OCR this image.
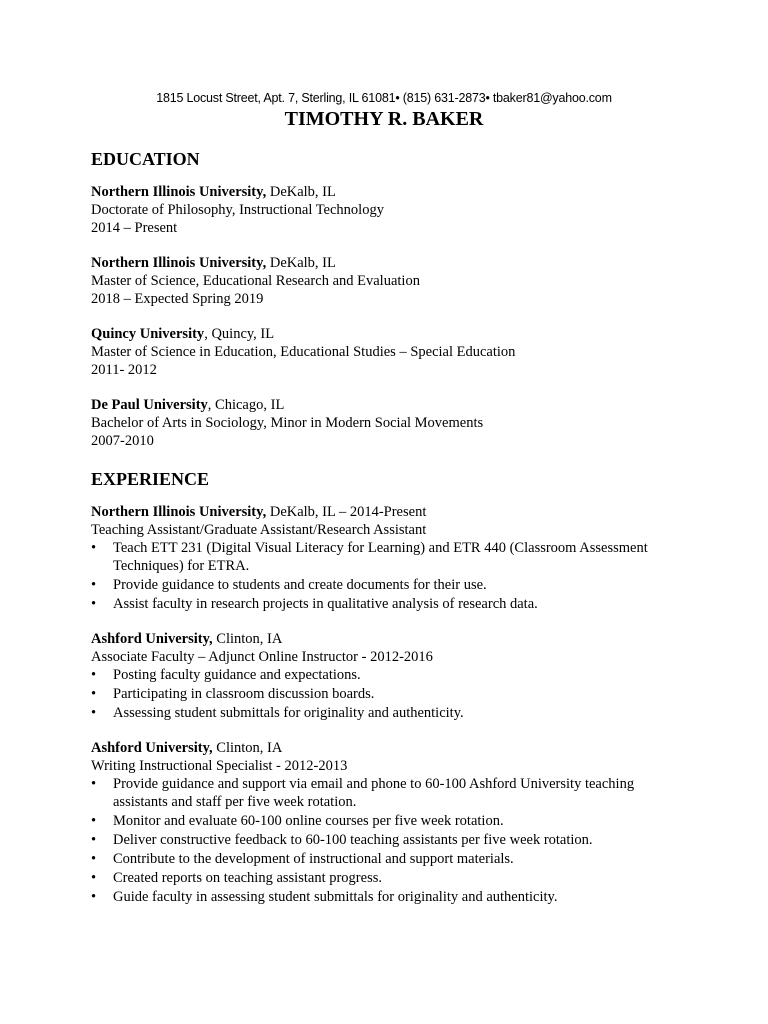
1815 Locust Street, Apt. 7, Sterling, IL 61081• (815) 631-2873• tbaker81@yahoo.com
TIMOTHY R. BAKER
EDUCATION
Northern Illinois University, DeKalb, IL
Doctorate of Philosophy, Instructional Technology
2014 – Present
Northern Illinois University, DeKalb, IL
Master of Science, Educational Research and Evaluation
2018 – Expected Spring 2019
Quincy University, Quincy, IL
Master of Science in Education, Educational Studies – Special Education
2011- 2012
De Paul University, Chicago, IL
Bachelor of Arts in Sociology, Minor in Modern Social Movements
2007-2010
EXPERIENCE
Northern Illinois University, DeKalb, IL – 2014-Present
Teaching Assistant/Graduate Assistant/Research Assistant
• Teach ETT 231 (Digital Visual Literacy for Learning) and ETR 440 (Classroom Assessment Techniques) for ETRA.
• Provide guidance to students and create documents for their use.
• Assist faculty in research projects in qualitative analysis of research data.
Ashford University, Clinton, IA
Associate Faculty – Adjunct Online Instructor - 2012-2016
• Posting faculty guidance and expectations.
• Participating in classroom discussion boards.
• Assessing student submittals for originality and authenticity.
Ashford University, Clinton, IA
Writing Instructional Specialist - 2012-2013
• Provide guidance and support via email and phone to 60-100 Ashford University teaching assistants and staff per five week rotation.
• Monitor and evaluate 60-100 online courses per five week rotation.
• Deliver constructive feedback to 60-100 teaching assistants per five week rotation.
• Contribute to the development of instructional and support materials.
• Created reports on teaching assistant progress.
• Guide faculty in assessing student submittals for originality and authenticity.
